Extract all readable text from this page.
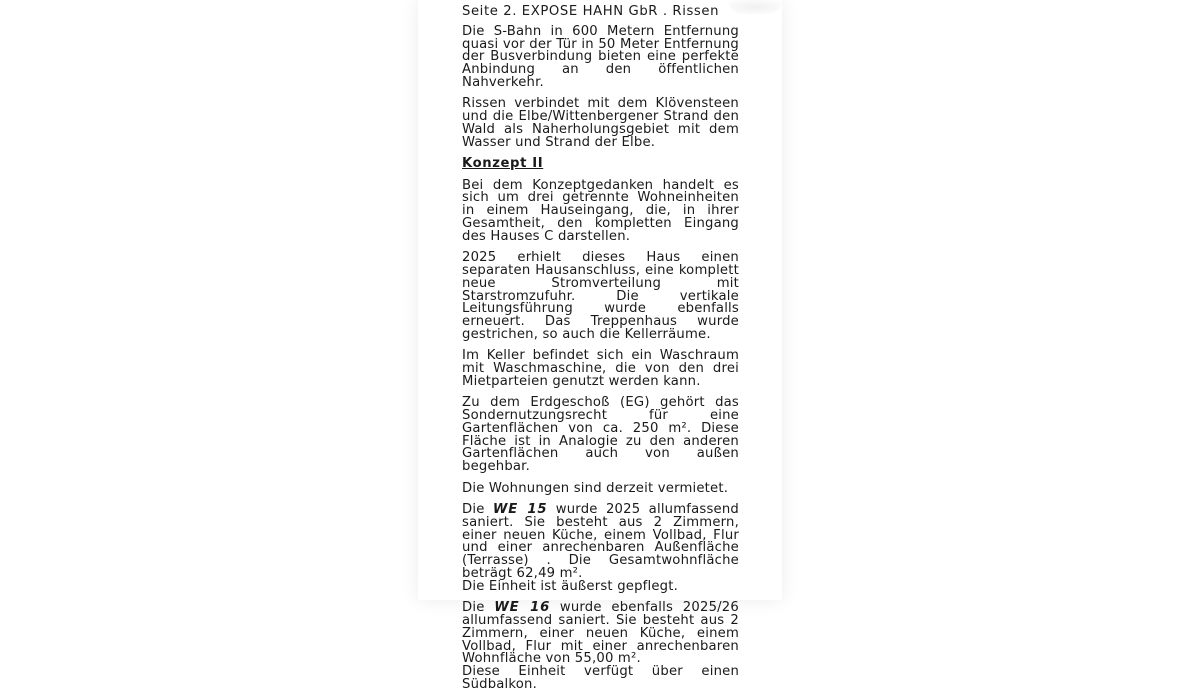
Seite 2. EXPOSE HAHN GbR . Rissen

Die S-Bahn in 600 Metern Entfernung quasi vor der Tür in 50 Meter Entfernung der Busverbindung bieten eine perfekte Anbindung an den öffentlichen Nahverkehr.

Rissen verbindet mit dem Klövensteen und die Elbe/Wittenbergener Strand den Wald als Naherholungsgebiet mit dem Wasser und Strand der Elbe.

Konzept II

Bei dem Konzeptgedanken handelt es sich um drei getrennte Wohneinheiten in einem Hauseingang, die, in ihrer Gesamtheit, den kompletten Eingang des Hauses C darstellen.

2025 erhielt dieses Haus einen separaten Hausanschluss, eine komplett neue Stromverteilung mit Starstromzufuhr. Die vertikale Leitungsführung wurde ebenfalls erneuert. Das Treppenhaus wurde gestrichen, so auch die Kellerräume.

Im Keller befindet sich ein Waschraum mit Waschmaschine, die von den drei Mietparteien genutzt werden kann.

Zu dem Erdgeschoß (EG) gehört das Sondernutzungsrecht für eine Gartenflächen von ca. 250 m². Diese Fläche ist in Analogie zu den anderen Gartenflächen auch von außen begehbar.

Die Wohnungen sind derzeit vermietet.

Die WE 15 wurde 2025 allumfassend saniert. Sie besteht aus 2 Zimmern, einer neuen Küche, einem Vollbad, Flur und einer anrechenbaren Außenfläche (Terrasse) . Die Gesamtwohnfläche beträgt 62,49 m².
Die Einheit ist äußerst gepflegt.

Die WE 16 wurde ebenfalls 2025/26 allumfassend saniert. Sie besteht aus 2 Zimmern, einer neuen Küche, einem Vollbad, Flur mit einer anrechenbaren Wohnfläche von 55,00 m².
Diese Einheit verfügt über einen Südbalkon.
